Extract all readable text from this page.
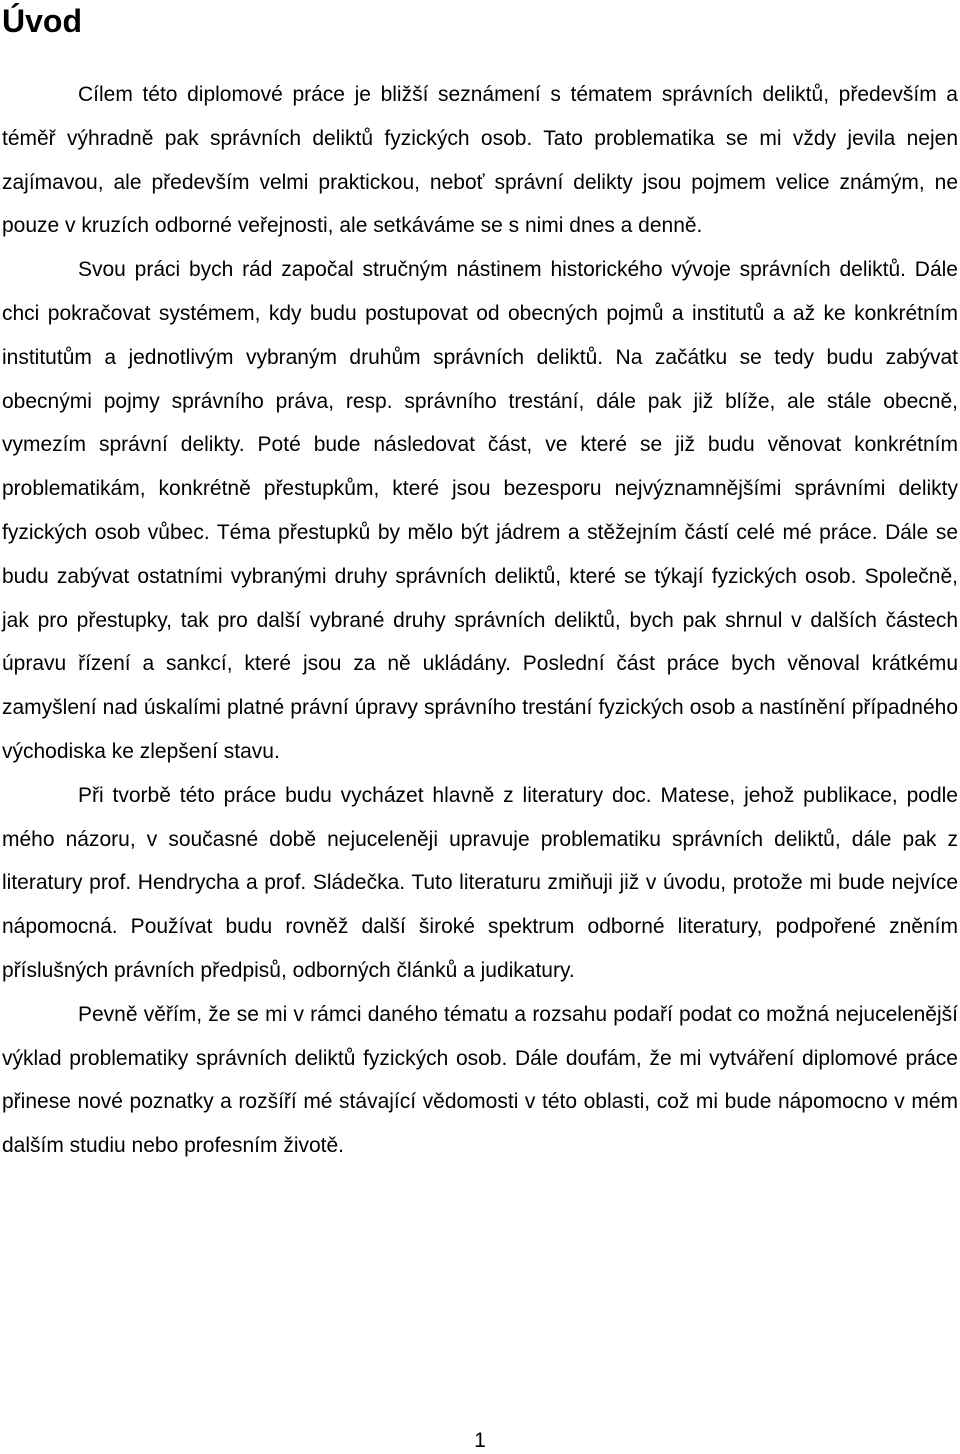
Úvod

Cílem této diplomové práce je bližší seznámení s tématem správních deliktů, především a téměř výhradně pak správních deliktů fyzických osob. Tato problematika se mi vždy jevila nejen zajímavou, ale především velmi praktickou, neboť správní delikty jsou pojmem velice známým, ne pouze v kruzích odborné veřejnosti, ale setkáváme se s nimi dnes a denně.

Svou práci bych rád započal stručným nástinem historického vývoje správních deliktů. Dále chci pokračovat systémem, kdy budu postupovat od obecných pojmů a institutů a až ke konkrétním institutům a jednotlivým vybraným druhům správních deliktů. Na začátku se tedy budu zabývat obecnými pojmy správního práva, resp. správního trestání, dále pak již blíže, ale stále obecně, vymezím správní delikty. Poté bude následovat část, ve které se již budu věnovat konkrétním problematikám, konkrétně přestupkům, které jsou bezesporu nejvýznamnějšími správními delikty fyzických osob vůbec. Téma přestupků by mělo být jádrem a stěžejním částí celé mé práce. Dále se budu zabývat ostatními vybranými druhy správních deliktů, které se týkají fyzických osob. Společně, jak pro přestupky, tak pro další vybrané druhy správních deliktů, bych pak shrnul v dalších částech úpravu řízení a sankcí, které jsou za ně ukládány. Poslední část práce bych věnoval krátkému zamyšlení nad úskalími platné právní úpravy správního trestání fyzických osob a nastínění případného východiska ke zlepšení stavu.

Při tvorbě této práce budu vycházet hlavně z literatury doc. Matese, jehož publikace, podle mého názoru, v současné době nejuceleněji upravuje problematiku správních deliktů, dále pak z literatury prof. Hendrycha a prof. Sládečka. Tuto literaturu zmiňuji již v úvodu, protože mi bude nejvíce nápomocná. Používat budu rovněž další široké spektrum odborné literatury, podpořené zněním příslušných právních předpisů, odborných článků a judikatury.

Pevně věřím, že se mi v rámci daného tématu a rozsahu podaří podat co možná nejucelenější výklad problematiky správních deliktů fyzických osob. Dále doufám, že mi vytváření diplomové práce přinese nové poznatky a rozšíří mé stávající vědomosti v této oblasti, což mi bude nápomocno v mém dalším studiu nebo profesním životě.

1
